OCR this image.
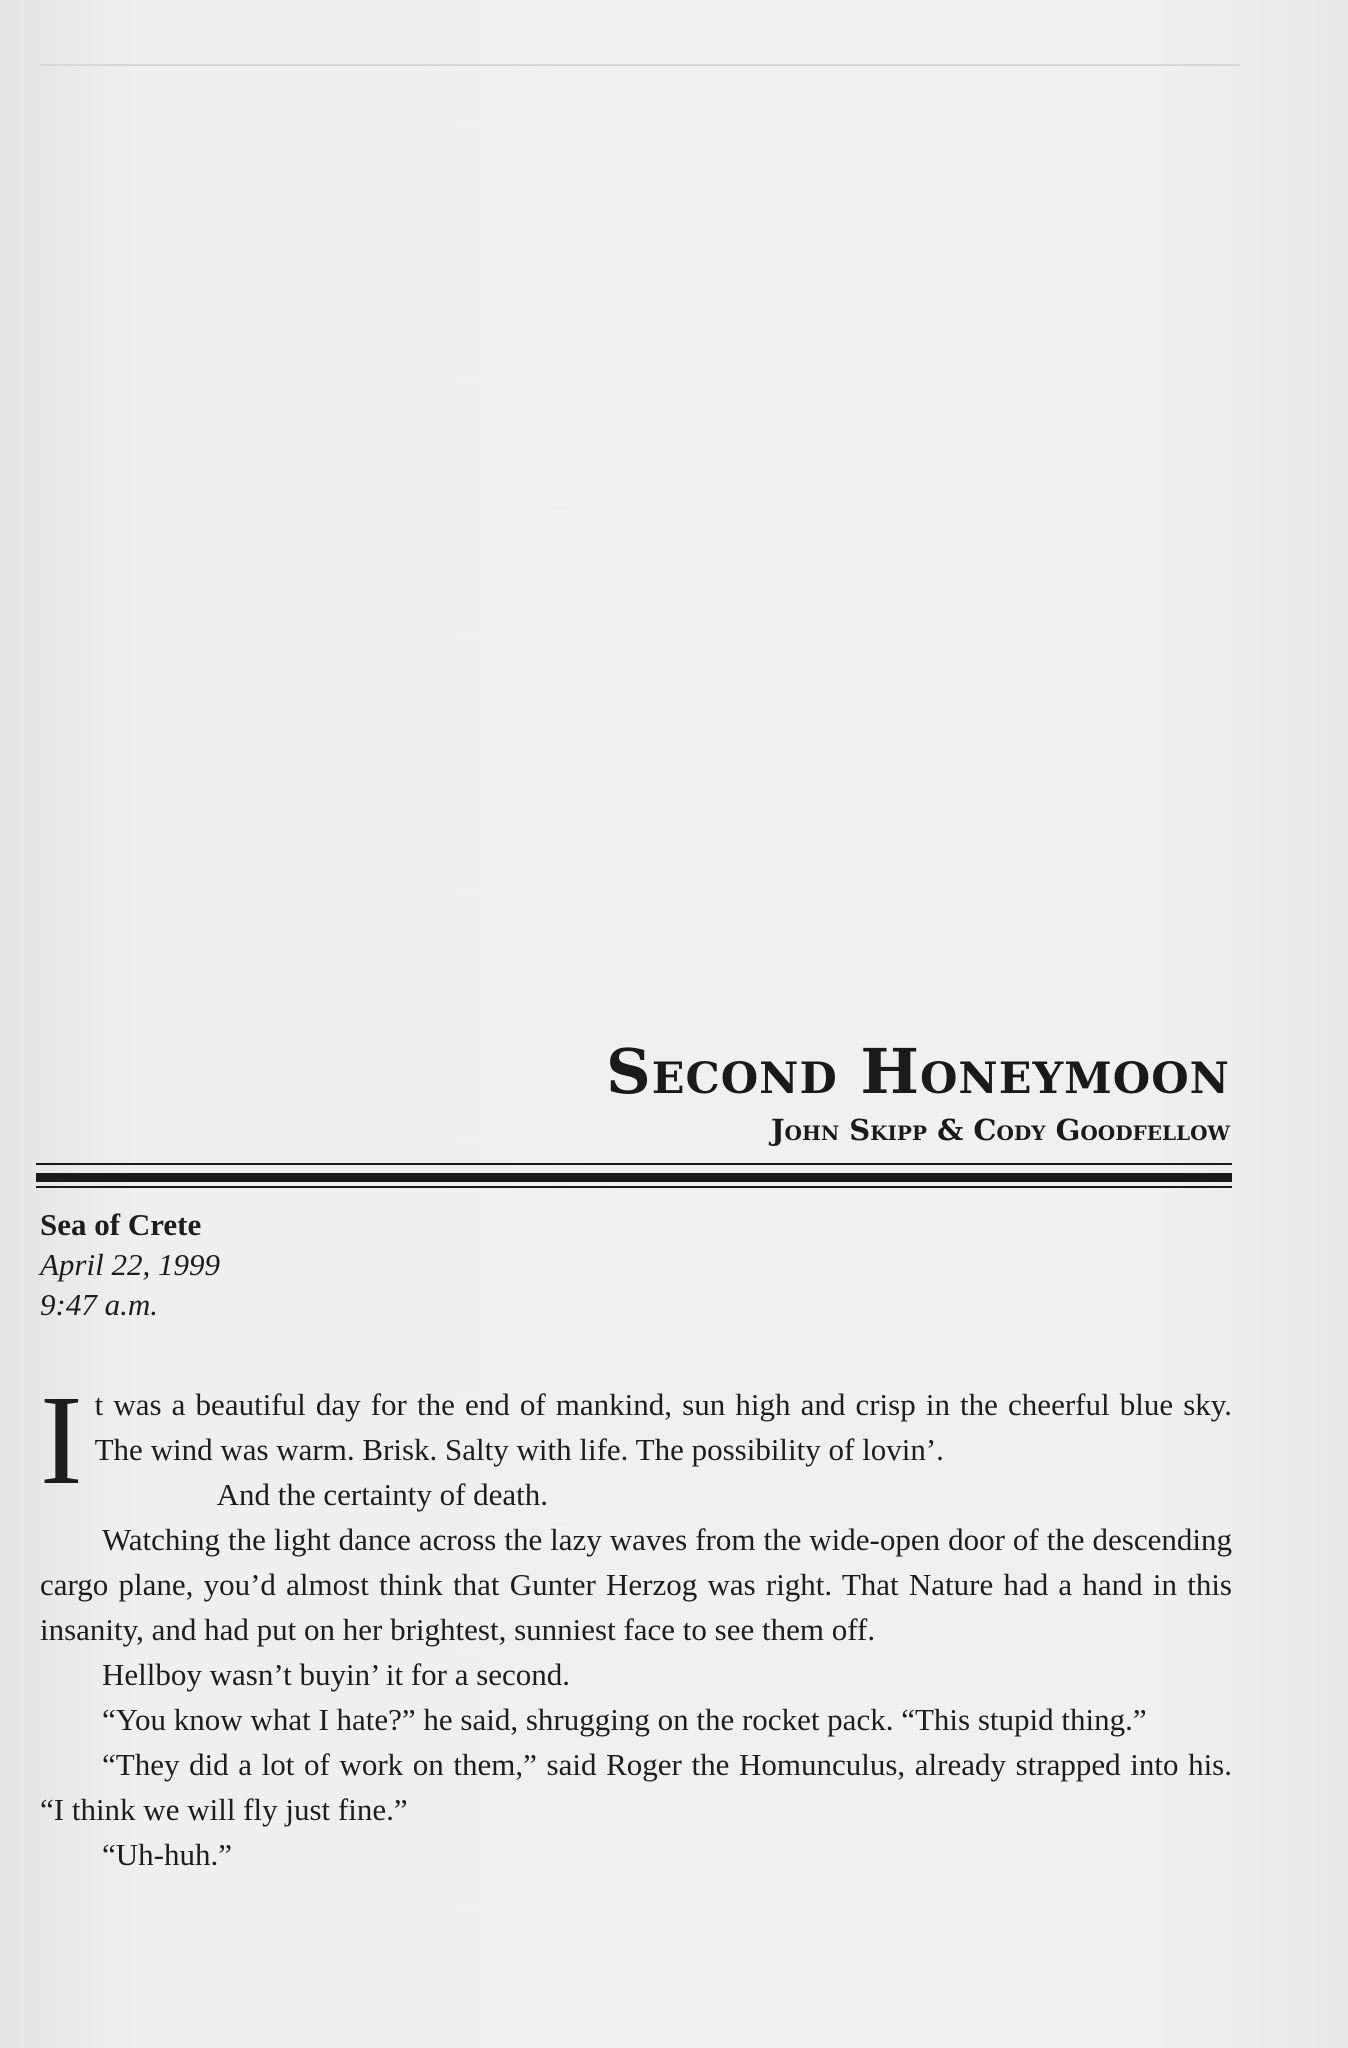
Second Honeymoon
John Skipp & Cody Goodfellow
Sea of Crete
April 22, 1999
9:47 a.m.

It was a beautiful day for the end of mankind, sun high and crisp in the cheerful blue sky. The wind was warm. Brisk. Salty with life. The possibility of lovin’.
And the certainty of death.

Watching the light dance across the lazy waves from the wide-open door of the descending cargo plane, you’d almost think that Gunter Herzog was right. That Nature had a hand in this insanity, and had put on her brightest, sunniest face to see them off.

Hellboy wasn’t buyin’ it for a second.

“You know what I hate?” he said, shrugging on the rocket pack. “This stupid thing.”

“They did a lot of work on them,” said Roger the Homunculus, already strapped into his. “I think we will fly just fine.”

“Uh-huh.”
